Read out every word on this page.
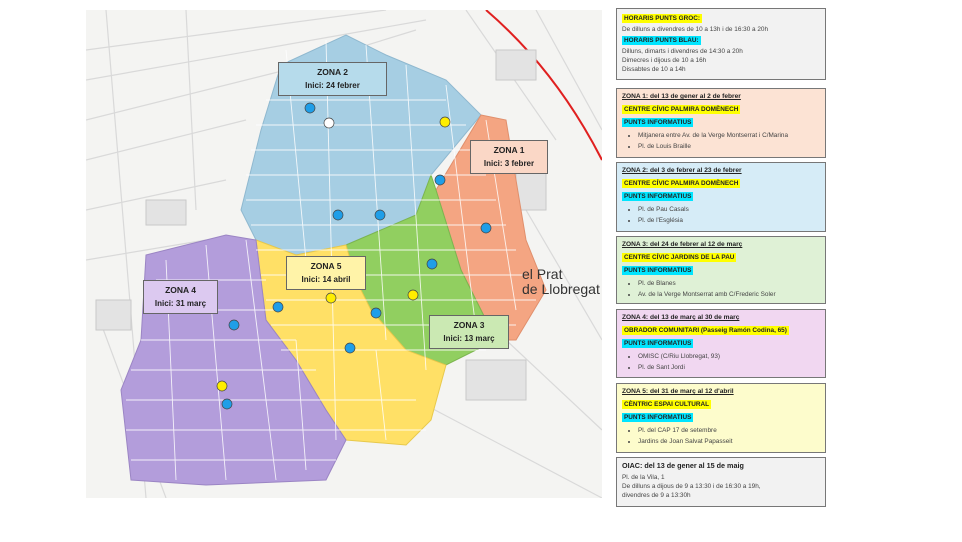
ZONA 2
Inici: 24 febrer
ZONA 1
Inici: 3 febrer
ZONA 5
Inici: 14 abril
ZONA 4
Inici: 31 març
ZONA 3
Inici: 13 març
el Prat
de Llobregat
HORARIS PUNTS GROC:
De dilluns a divendres de 10 a 13h i de 16:30 a 20h
HORARIS PUNTS BLAU:
Dilluns, dimarts i divendres de 14:30 a 20h
Dimecres i dijous de 10 a 16h
Dissabtes de 10 a 14h
ZONA 1: del 13 de gener al 2 de febrer
CENTRE CÍVIC PALMIRA DOMÈNECH
PUNTS INFORMATIUS
• Mitjanera entre Av. de la Verge Montserrat i C/Marina
• Pl. de Louis Braille
ZONA 2: del 3 de febrer al 23 de febrer
CENTRE CÍVIC PALMIRA DOMÈNECH
PUNTS INFORMATIUS
• Pl. de Pau Casals
• Pl. de l'Església
ZONA 3: del 24 de febrer al 12 de març
CENTRE CÍVIC JARDINS DE LA PAU
PUNTS INFORMATIUS
• Pl. de Blanes
• Av. de la Verge Montserrat amb C/Frederic Soler
ZONA 4: del 13 de març al 30 de març
OBRADOR COMUNITARI (Passeig Ramón Codina, 65)
PUNTS INFORMATIUS
• OMISC (C/Riu Llobregat, 93)
• Pl. de Sant Jordi
ZONA 5: del 31 de març al 12 d'abril
CÈNTRIC ESPAI CULTURAL
PUNTS INFORMATIUS
• Pl. del CAP 17 de setembre
• Jardins de Joan Salvat Papasseit
OIAC: del 13 de gener al 15 de maig
Pl. de la Vila, 1
De dilluns a dijous de 9 a 13:30 i de 16:30 a 19h,
divendres de 9 a 13:30h
